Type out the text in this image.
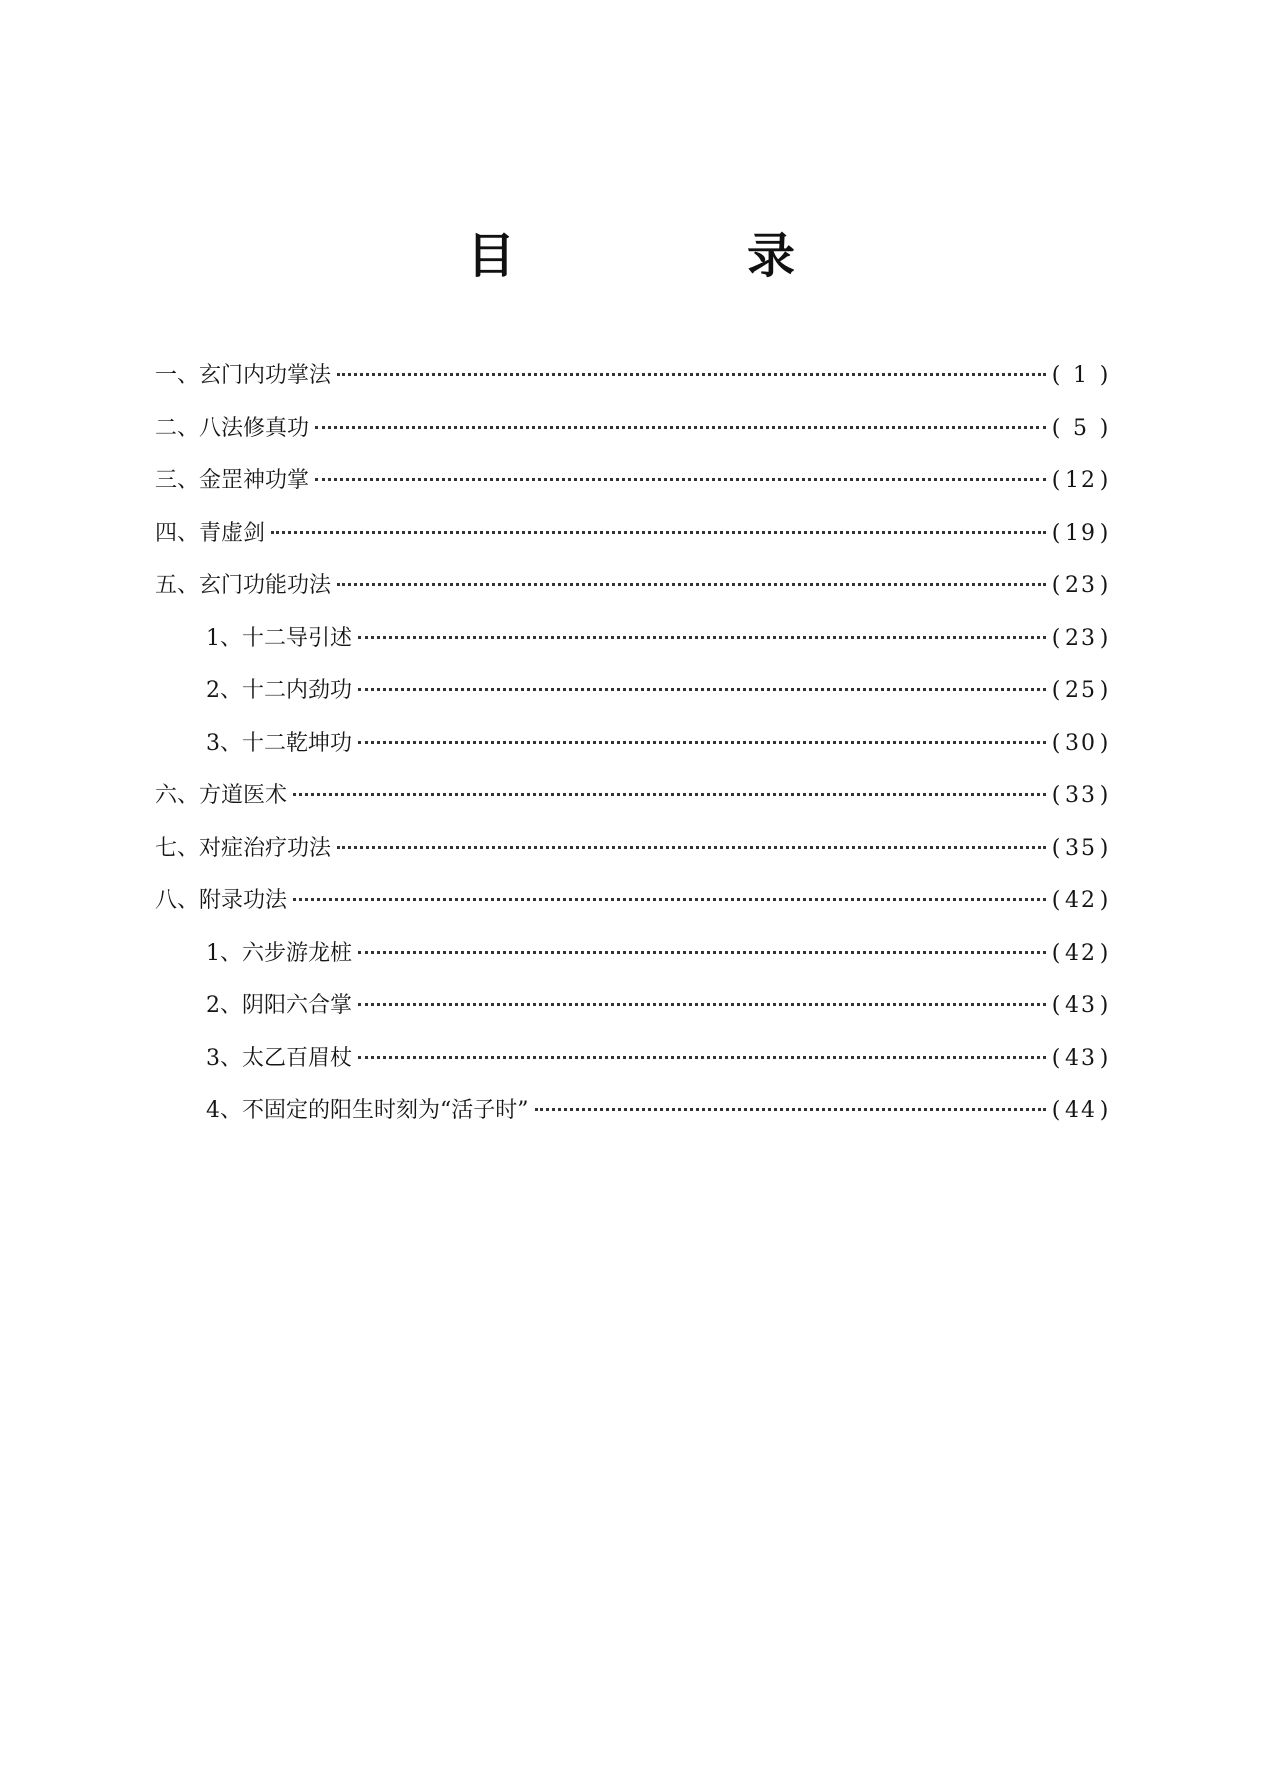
目　录
一、玄门内功掌法	( 1 )
二、八法修真功	( 5 )
三、金罡神功掌	( 12 )
四、青虚剑	( 19 )
五、玄门功能功法	( 23 )
1、十二导引述	( 23 )
2、十二内劲功	( 25 )
3、十二乾坤功	( 30 )
六、方道医术	( 33 )
七、对症治疗功法	( 35 )
八、附录功法	( 42 )
1、六步游龙桩	( 42 )
2、阴阳六合掌	( 43 )
3、太乙百眉杖	( 43 )
4、不固定的阳生时刻为“活子时”	( 44 )
